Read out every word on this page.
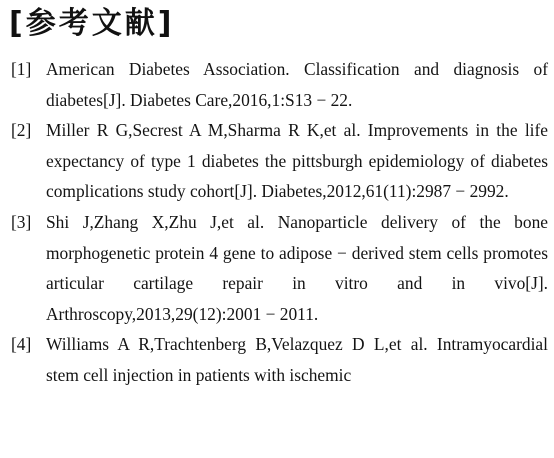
[参考文献]
[1] American Diabetes Association. Classification and diagnosis of diabetes[J]. Diabetes Care,2016,1:S13 − 22.
[2] Miller R G,Secrest A M,Sharma R K,et al. Improvements in the life expectancy of type 1 diabetes the pittsburgh epidemiology of diabetes complications study cohort[J]. Diabetes,2012,61(11):2987 − 2992.
[3] Shi J,Zhang X,Zhu J,et al. Nanoparticle delivery of the bone morphogenetic protein 4 gene to adipose − derived stem cells promotes articular cartilage repair in vitro and in vivo[J]. Arthroscopy,2013,29(12):2001 − 2011.
[4] Williams A R,Trachtenberg B,Velazquez D L,et al. Intramyocardial stem cell injection in patients with ischemic
